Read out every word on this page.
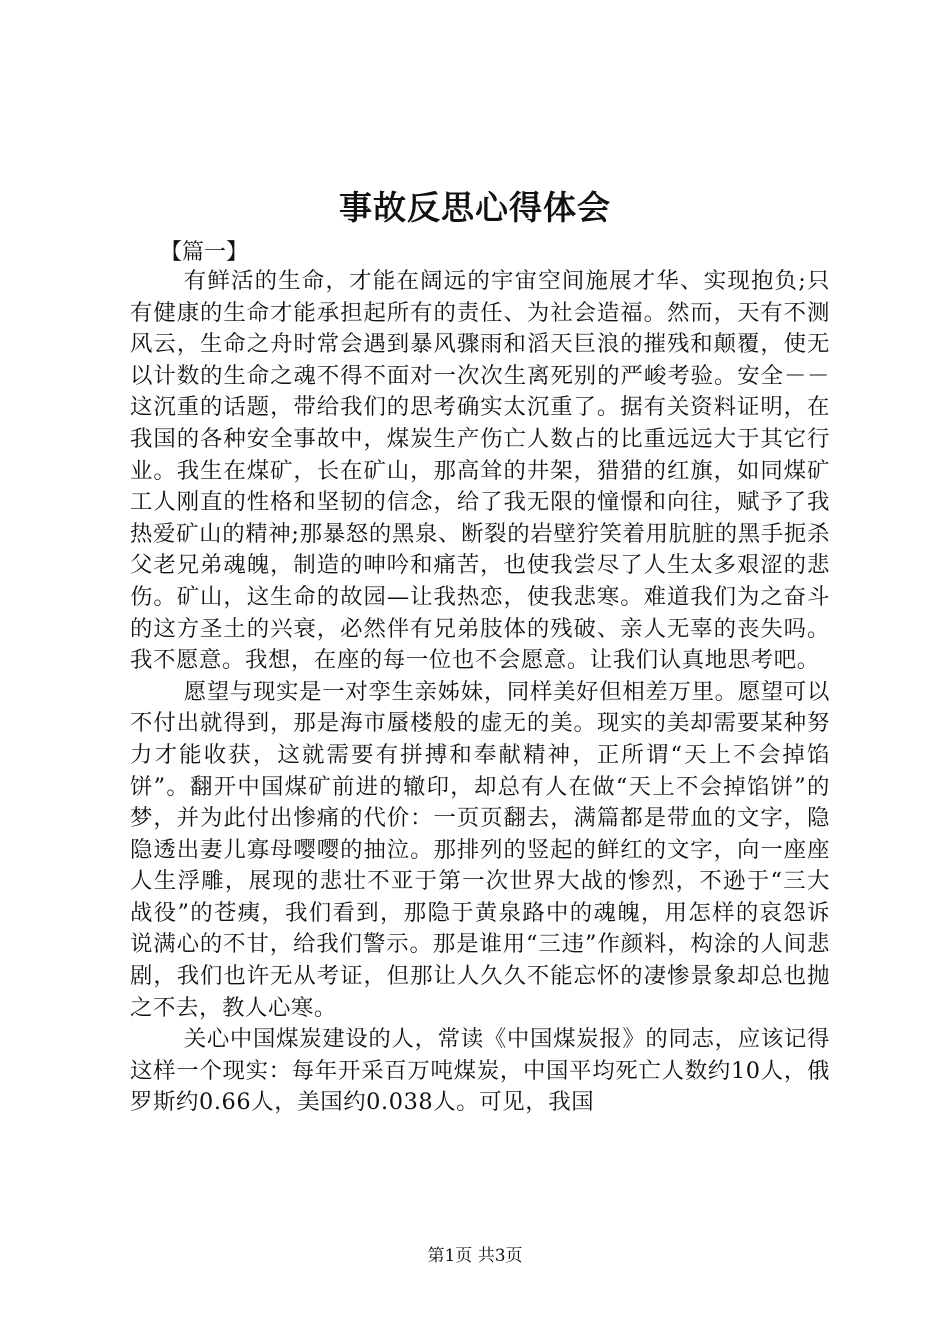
事故反思心得体会
【篇一】

有鲜活的生命，才能在阔远的宇宙空间施展才华、实现抱负;只有健康的生命才能承担起所有的责任、为社会造福。然而，天有不测风云，生命之舟时常会遇到暴风骤雨和滔天巨浪的摧残和颠覆，使无以计数的生命之魂不得不面对一次次生离死别的严峻考验。安全－－这沉重的话题，带给我们的思考确实太沉重了。据有关资料证明，在我国的各种安全事故中，煤炭生产伤亡人数占的比重远远大于其它行业。我生在煤矿，长在矿山，那高耸的井架，猎猎的红旗，如同煤矿工人刚直的性格和坚韧的信念，给了我无限的憧憬和向往，赋予了我热爱矿山的精神;那暴怒的黑泉、断裂的岩壁狞笑着用肮脏的黑手扼杀父老兄弟魂魄，制造的呻吟和痛苦，也使我尝尽了人生太多艰涩的悲伤。矿山，这生命的故园—让我热恋，使我悲寒。难道我们为之奋斗的这方圣土的兴衰，必然伴有兄弟肢体的残破、亲人无辜的丧失吗。我不愿意。我想，在座的每一位也不会愿意。让我们认真地思考吧。

愿望与现实是一对孪生亲姊妹，同样美好但相差万里。愿望可以不付出就得到，那是海市蜃楼般的虚无的美。现实的美却需要某种努力才能收获，这就需要有拼搏和奉献精神，正所谓“天上不会掉馅饼”。翻开中国煤矿前进的辙印，却总有人在做“天上不会掉馅饼”的梦，并为此付出惨痛的代价：一页页翻去，满篇都是带血的文字，隐隐透出妻儿寡母嘤嘤的抽泣。那排列的竖起的鲜红的文字，向一座座人生浮雕，展现的悲壮不亚于第一次世界大战的惨烈，不逊于“三大战役”的苍痍，我们看到，那隐于黄泉路中的魂魄，用怎样的哀怨诉说满心的不甘，给我们警示。那是谁用“三违”作颜料，构涂的人间悲剧，我们也许无从考证，但那让人久久不能忘怀的凄惨景象却总也抛之不去，教人心寒。

关心中国煤炭建设的人，常读《中国煤炭报》的同志，应该记得这样一个现实：每年开采百万吨煤炭，中国平均死亡人数约10人，俄罗斯约0.66人，美国约0.038人。可见，我国

第1页 共3页
